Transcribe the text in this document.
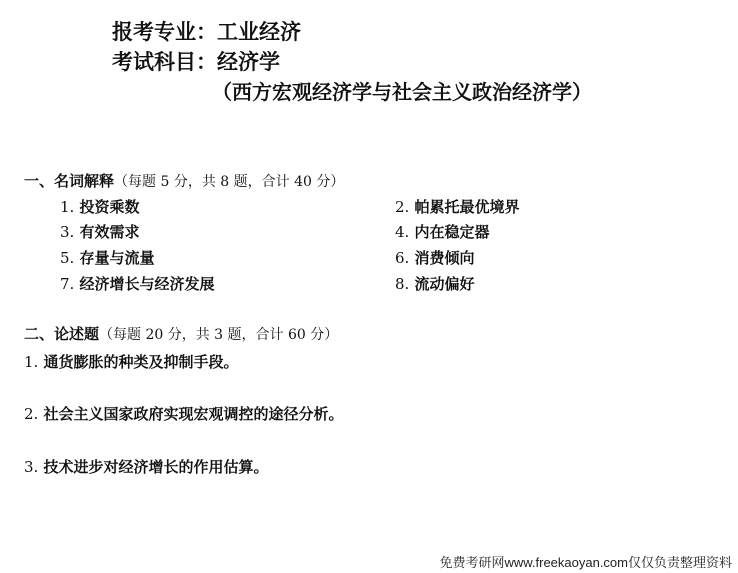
报考专业：工业经济
考试科目：经济学
（西方宏观经济学与社会主义政治经济学）
一、名词解释（每题 5 分，共 8 题，合计 40 分）
1. 投资乘数	2. 帕累托最优境界
3. 有效需求	4. 内在稳定器
5. 存量与流量	6. 消费倾向
7. 经济增长与经济发展	8. 流动偏好
二、论述题（每题 20 分，共 3 题，合计 60 分）
1. 通货膨胀的种类及抑制手段。
2. 社会主义国家政府实现宏观调控的途径分析。
3. 技术进步对经济增长的作用估算。
免费考研网www.freekaoyan.com仅仅负责整理资料
